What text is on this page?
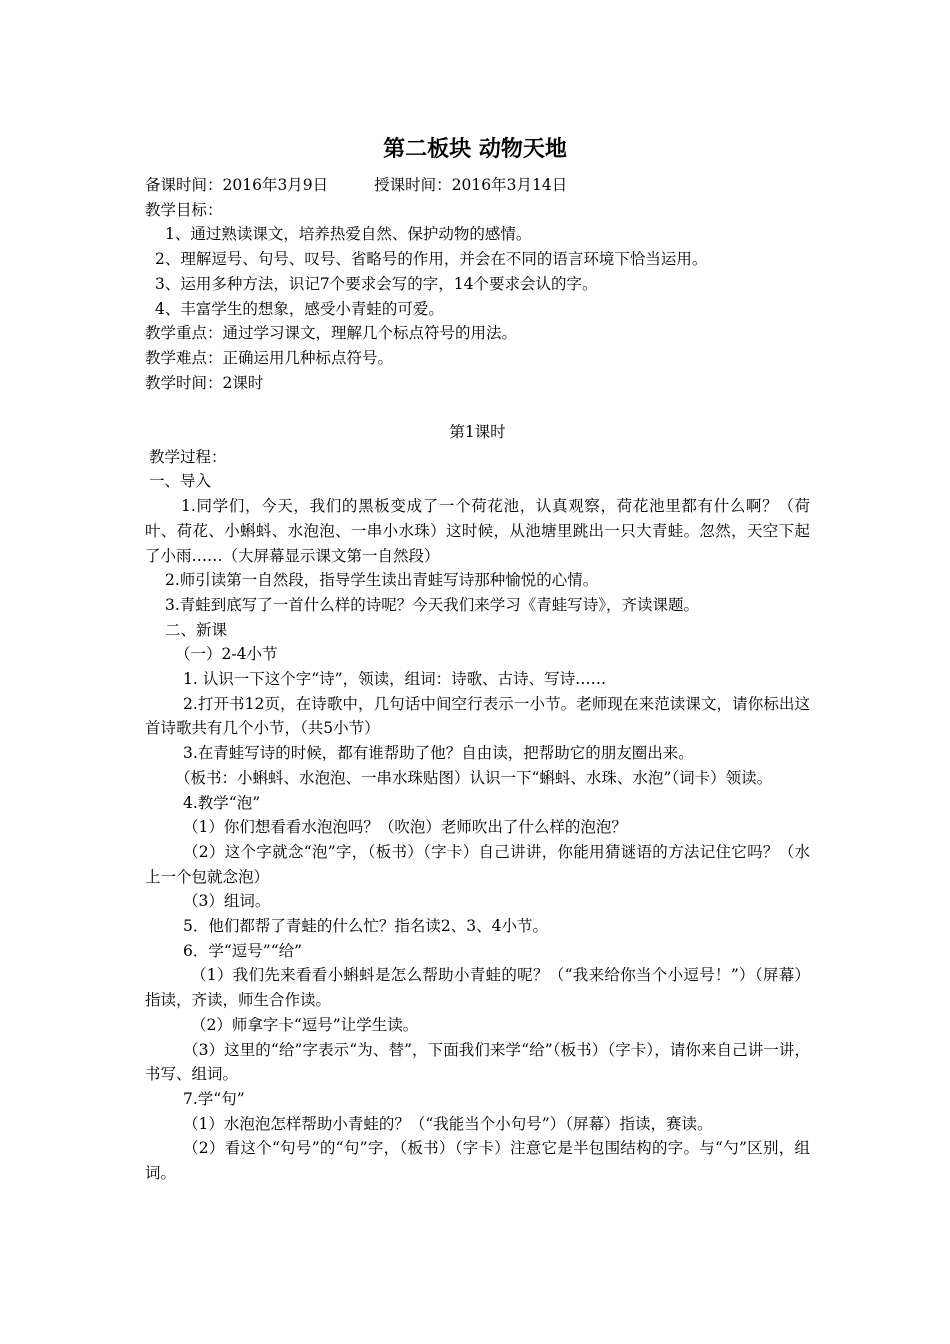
第二板块 动物天地

备课时间：2016年3月9日	授课时间：2016年3月14日

教学目标：

1、通过熟读课文，培养热爱自然、保护动物的感情。

2、理解逗号、句号、叹号、省略号的作用，并会在不同的语言环境下恰当运用。

3、运用多种方法，识记7个要求会写的字，14个要求会认的字。

4、丰富学生的想象，感受小青蛙的可爱。

教学重点：通过学习课文，理解几个标点符号的用法。

教学难点：正确运用几种标点符号。

教学时间：2课时

第1课时

教学过程：

一、导入

1.同学们，今天，我们的黑板变成了一个荷花池，认真观察，荷花池里都有什么啊？（荷叶、荷花、小蝌蚪、水泡泡、一串小水珠）这时候，从池塘里跳出一只大青蛙。忽然，天空下起了小雨……（大屏幕显示课文第一自然段）

2.师引读第一自然段，指导学生读出青蛙写诗那种愉悦的心情。

3.青蛙到底写了一首什么样的诗呢？今天我们来学习《青蛙写诗》，齐读课题。

二、新课

（一）2-4小节

1. 认识一下这个字“诗”，领读，组词：诗歌、古诗、写诗……

2.打开书12页，在诗歌中，几句话中间空行表示一小节。老师现在来范读课文，请你标出这首诗歌共有几个小节，（共5小节）

3.在青蛙写诗的时候，都有谁帮助了他？自由读，把帮助它的朋友圈出来。

（板书：小蝌蚪、水泡泡、一串水珠贴图）认识一下“蝌蚪、水珠、水泡”（词卡）领读。

4.教学“泡”

（1）你们想看看水泡泡吗？（吹泡）老师吹出了什么样的泡泡？

（2）这个字就念“泡”字，（板书）（字卡）自己讲讲，你能用猜谜语的方法记住它吗？（水上一个包就念泡）

（3）组词。

5．他们都帮了青蛙的什么忙？指名读2、3、4小节。

6．学“逗号”“给”

（1）我们先来看看小蝌蚪是怎么帮助小青蛙的呢？（“我来给你当个小逗号！”）（屏幕）指读，齐读，师生合作读。

（2）师拿字卡“逗号”让学生读。

（3）这里的“给”字表示“为、替”，下面我们来学“给”（板书）（字卡），请你来自己讲一讲，书写、组词。

7.学“句”

（1）水泡泡怎样帮助小青蛙的？（“我能当个小句号”）（屏幕）指读，赛读。

（2）看这个“句号”的“句”字，（板书）（字卡）注意它是半包围结构的字。与“勺”区别，组词。
